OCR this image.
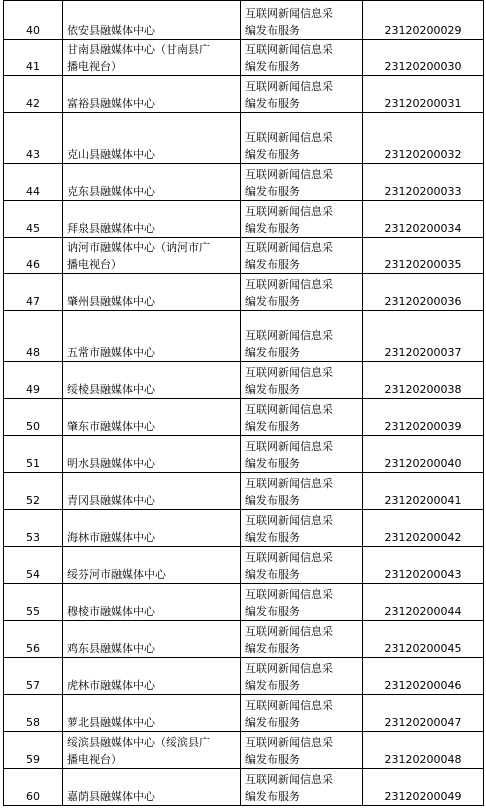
40	依安县融媒体中心	互联网新闻信息采
编发布服务	23120200029

41	甘南县融媒体中心（甘南县广
播电视台）	互联网新闻信息采
编发布服务	23120200030

42	富裕县融媒体中心	互联网新闻信息采
编发布服务	23120200031

43	克山县融媒体中心	互联网新闻信息采
编发布服务	23120200032

44	克东县融媒体中心	互联网新闻信息采
编发布服务	23120200033

45	拜泉县融媒体中心	互联网新闻信息采
编发布服务	23120200034

46	讷河市融媒体中心（讷河市广
播电视台）	互联网新闻信息采
编发布服务	23120200035

47	肇州县融媒体中心	互联网新闻信息采
编发布服务	23120200036

48	五常市融媒体中心	互联网新闻信息采
编发布服务	23120200037

49	绥棱县融媒体中心	互联网新闻信息采
编发布服务	23120200038

50	肇东市融媒体中心	互联网新闻信息采
编发布服务	23120200039

51	明水县融媒体中心	互联网新闻信息采
编发布服务	23120200040

52	青冈县融媒体中心	互联网新闻信息采
编发布服务	23120200041

53	海林市融媒体中心	互联网新闻信息采
编发布服务	23120200042

54	绥芬河市融媒体中心	互联网新闻信息采
编发布服务	23120200043

55	穆棱市融媒体中心	互联网新闻信息采
编发布服务	23120200044

56	鸡东县融媒体中心	互联网新闻信息采
编发布服务	23120200045

57	虎林市融媒体中心	互联网新闻信息采
编发布服务	23120200046

58	萝北县融媒体中心	互联网新闻信息采
编发布服务	23120200047

59	绥滨县融媒体中心（绥滨县广
播电视台）	互联网新闻信息采
编发布服务	23120200048

60	嘉荫县融媒体中心	互联网新闻信息采
编发布服务	23120200049
